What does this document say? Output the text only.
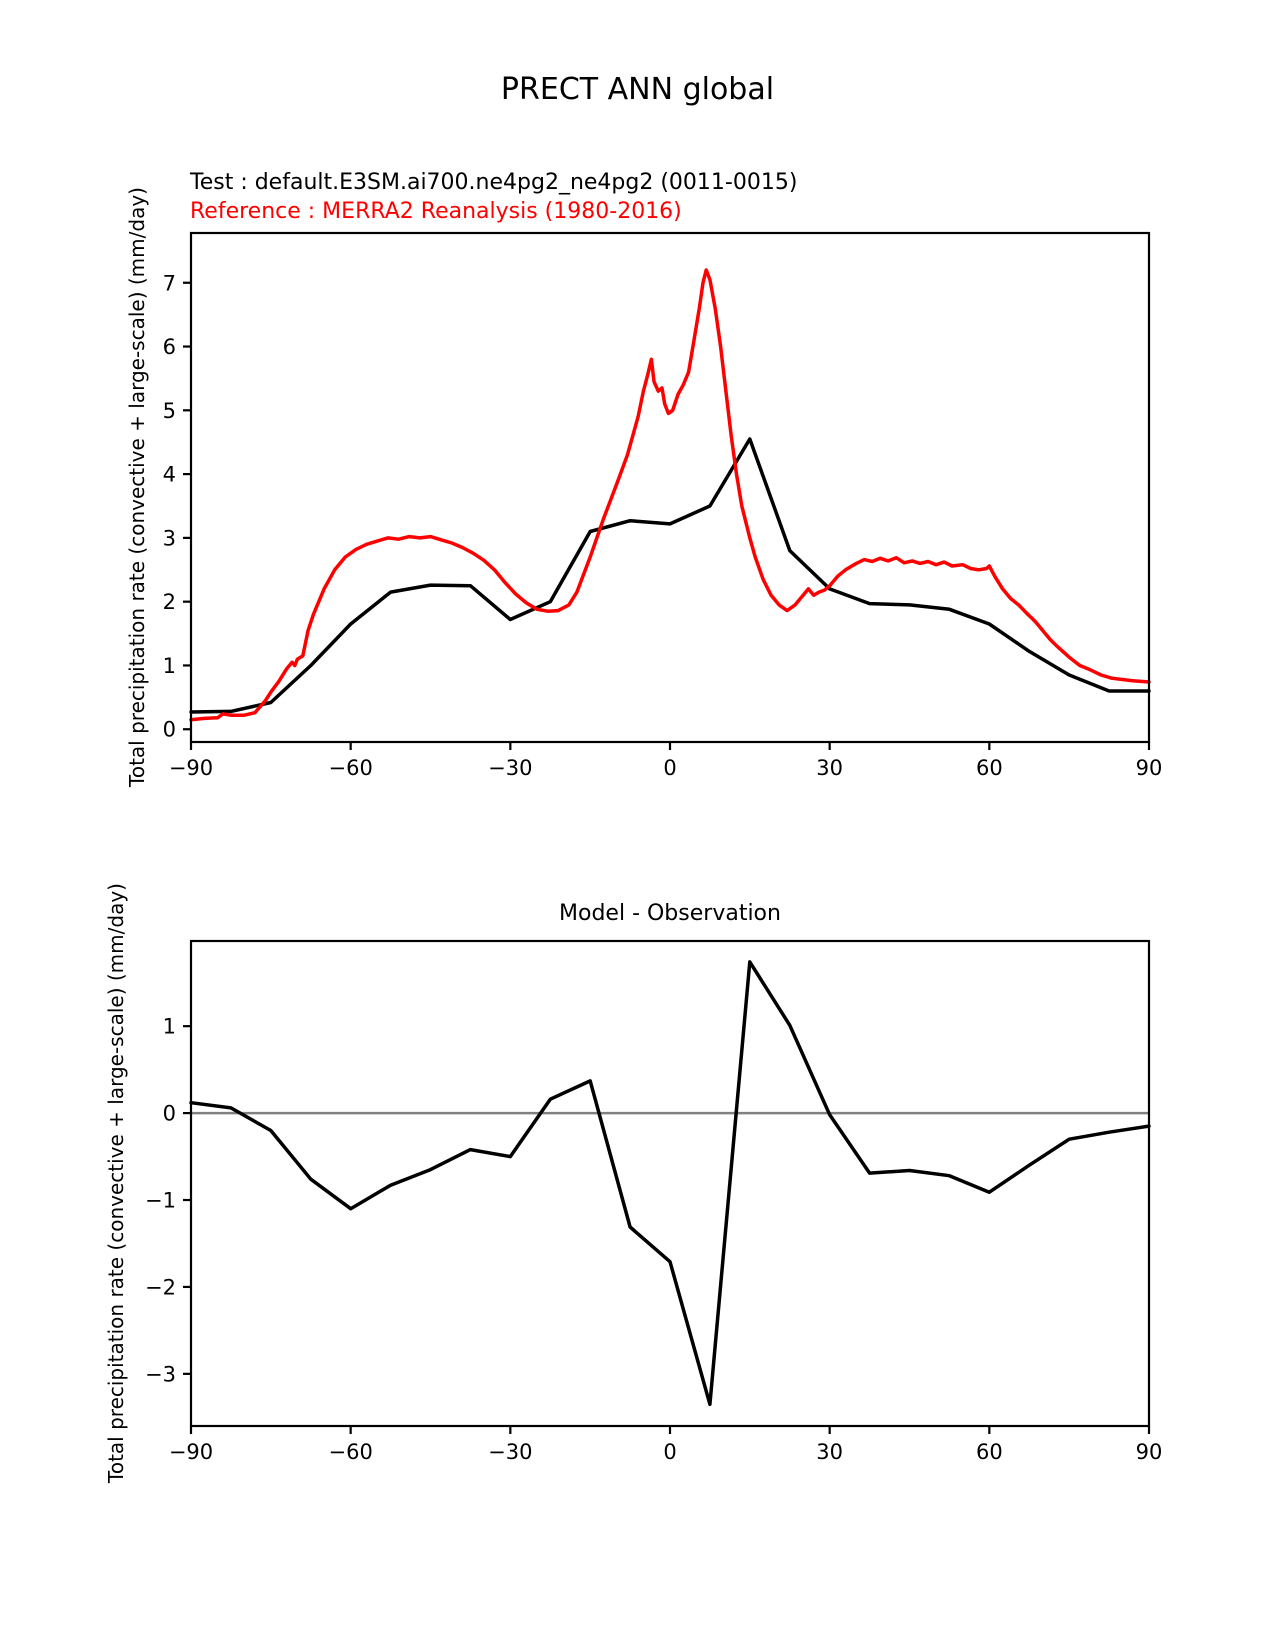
PRECT ANN global
Test : default.E3SM.ai700.ne4pg2_ne4pg2 (0011-0015)
Reference : MERRA2 Reanalysis (1980-2016)
Total precipitation rate (convective + large-scale) (mm/day) −90	−60	−30	0	30	60	90
0
1
2
3
4
5
6
7
Model - Observation
Total precipitation rate (convective + large-scale) (mm/day) −90	−60	−30	0	30	60	90
−3
−2
−1
0
1
